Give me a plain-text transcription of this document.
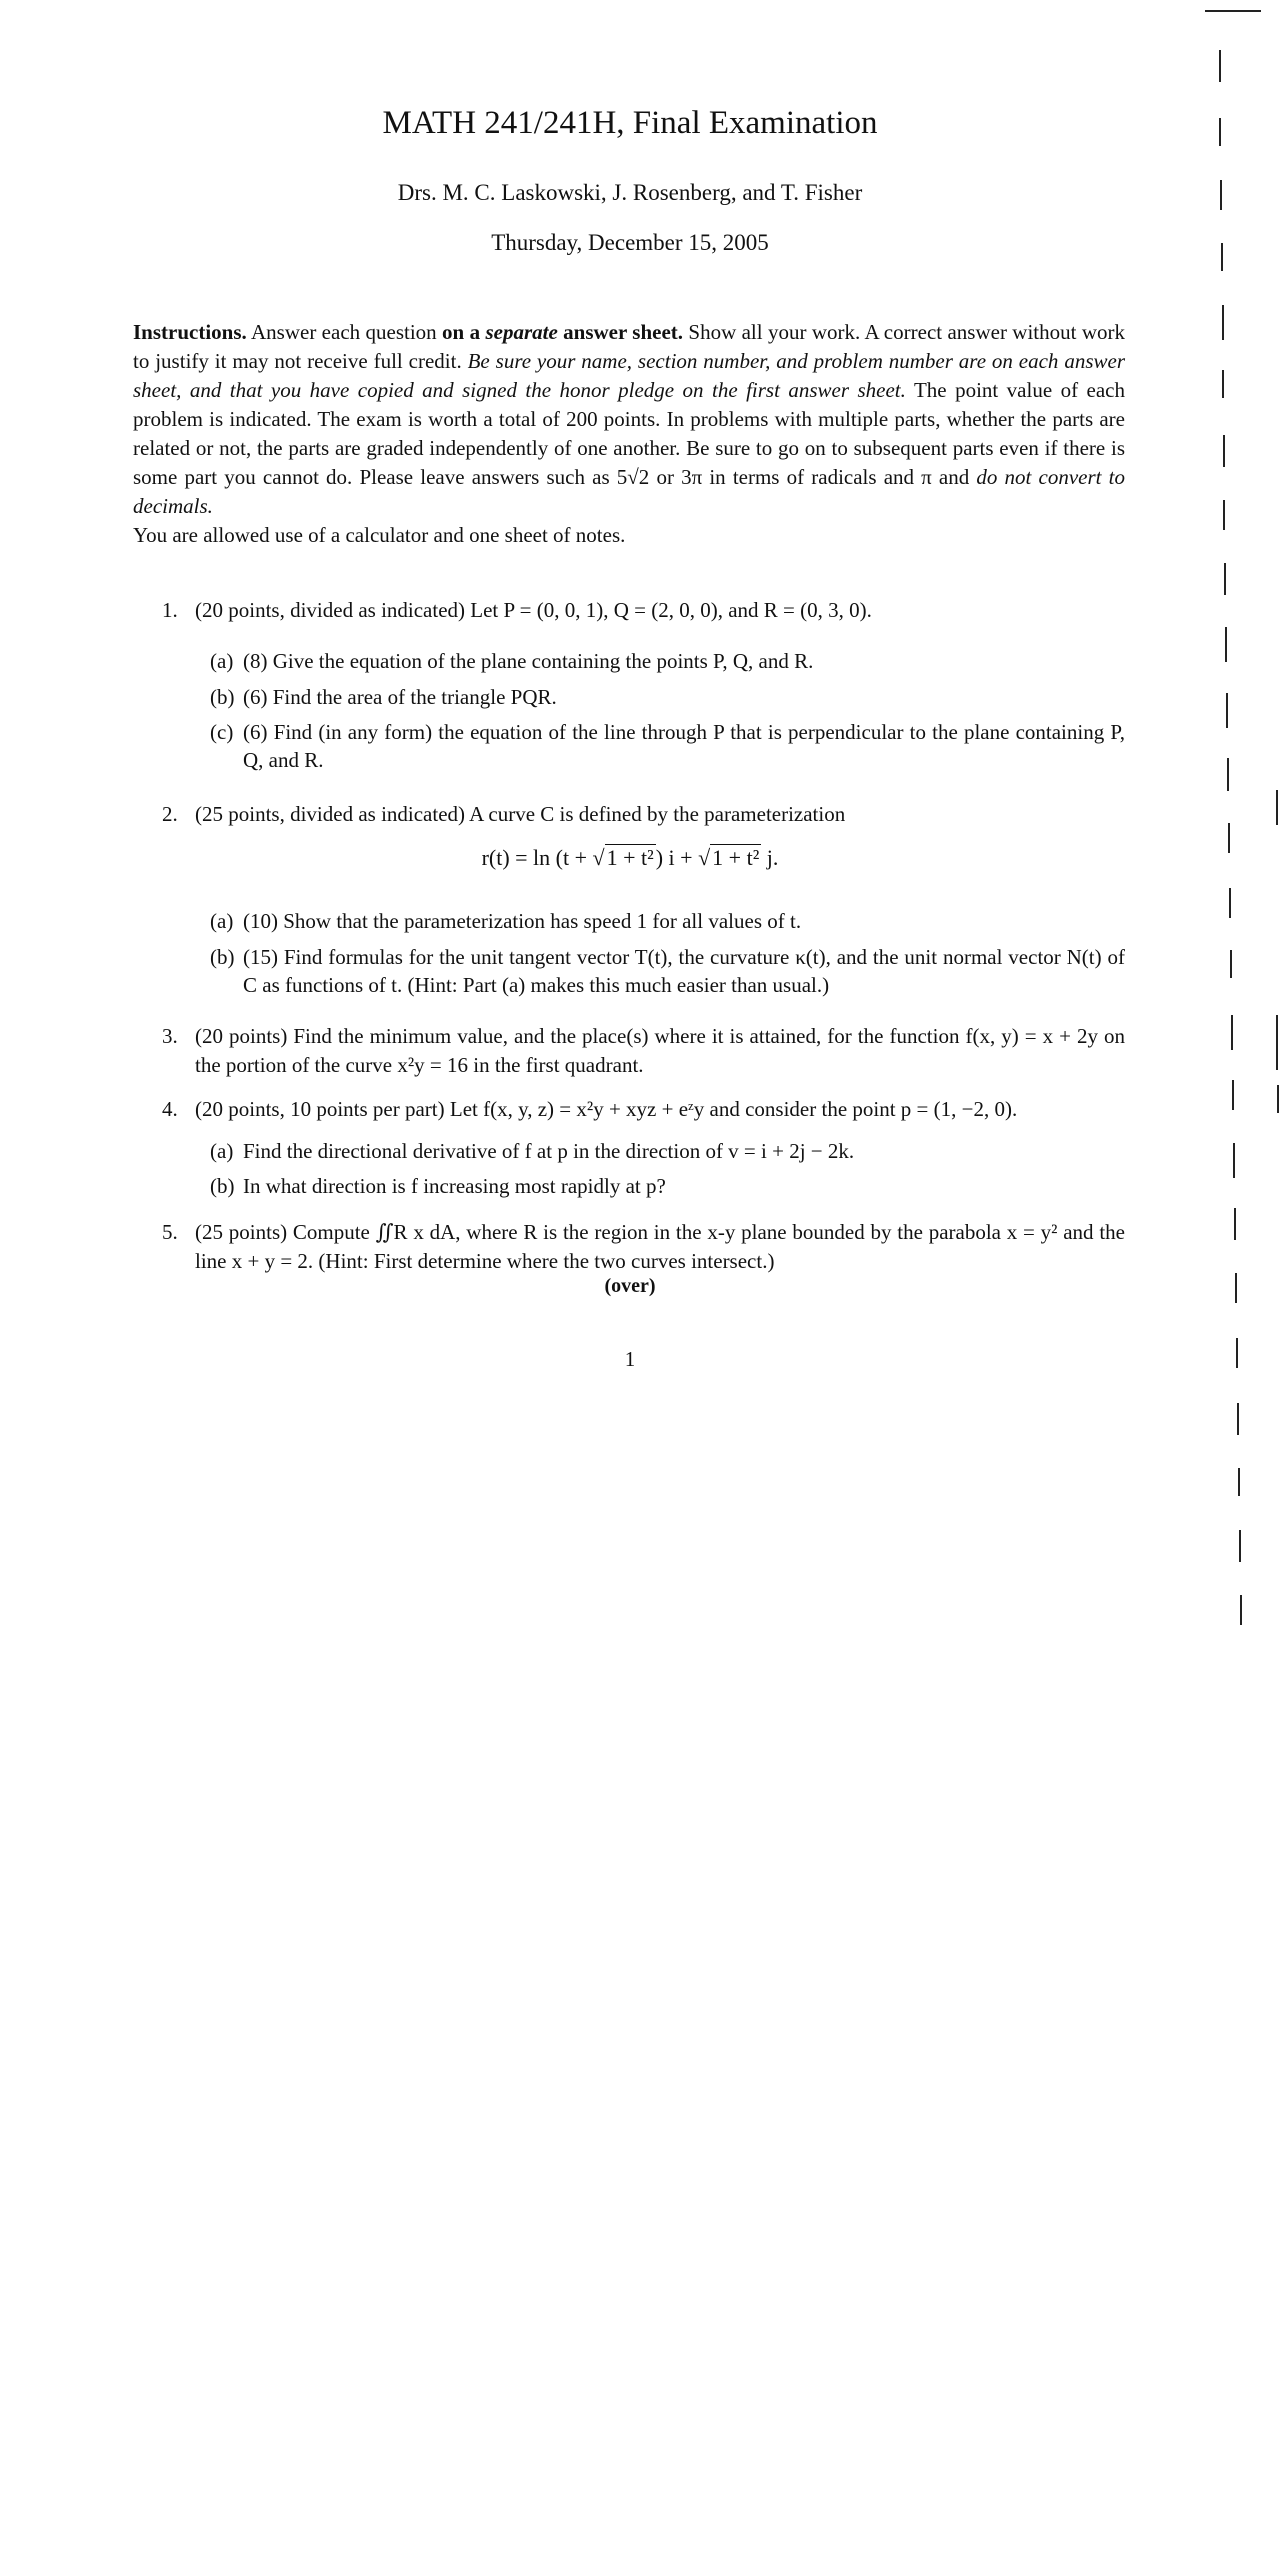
MATH 241/241H, Final Examination
Drs. M. C. Laskowski, J. Rosenberg, and T. Fisher
Thursday, December 15, 2005
Instructions. Answer each question on a separate answer sheet. Show all your work. A correct answer without work to justify it may not receive full credit. Be sure your name, section number, and problem number are on each answer sheet, and that you have copied and signed the honor pledge on the first answer sheet. The point value of each problem is indicated. The exam is worth a total of 200 points. In problems with multiple parts, whether the parts are related or not, the parts are graded independently of one another. Be sure to go on to subsequent parts even if there is some part you cannot do. Please leave answers such as 5√2 or 3π in terms of radicals and π and do not convert to decimals.
You are allowed use of a calculator and one sheet of notes.
1. (20 points, divided as indicated) Let P = (0, 0, 1), Q = (2, 0, 0), and R = (0, 3, 0).
(a) (8) Give the equation of the plane containing the points P, Q, and R.
(b) (6) Find the area of the triangle PQR.
(c) (6) Find (in any form) the equation of the line through P that is perpendicular to the plane containing P, Q, and R.
2. (25 points, divided as indicated) A curve C is defined by the parameterization
r(t) = ln (t + √1 + t²) i + √1 + t² j.
(a) (10) Show that the parameterization has speed 1 for all values of t.
(b) (15) Find formulas for the unit tangent vector T(t), the curvature κ(t), and the unit normal vector N(t) of C as functions of t. (Hint: Part (a) makes this much easier than usual.)
3. (20 points) Find the minimum value, and the place(s) where it is attained, for the function f(x, y) = x + 2y on the portion of the curve x²y = 16 in the first quadrant.
4. (20 points, 10 points per part) Let f(x, y, z) = x²y + xyz + eᶻy and consider the point p = (1, −2, 0).
(a) Find the directional derivative of f at p in the direction of v = i + 2j − 2k.
(b) In what direction is f increasing most rapidly at p?
5. (25 points) Compute ∬R x dA, where R is the region in the x-y plane bounded by the parabola x = y² and the line x + y = 2. (Hint: First determine where the two curves intersect.)
(over)
1
